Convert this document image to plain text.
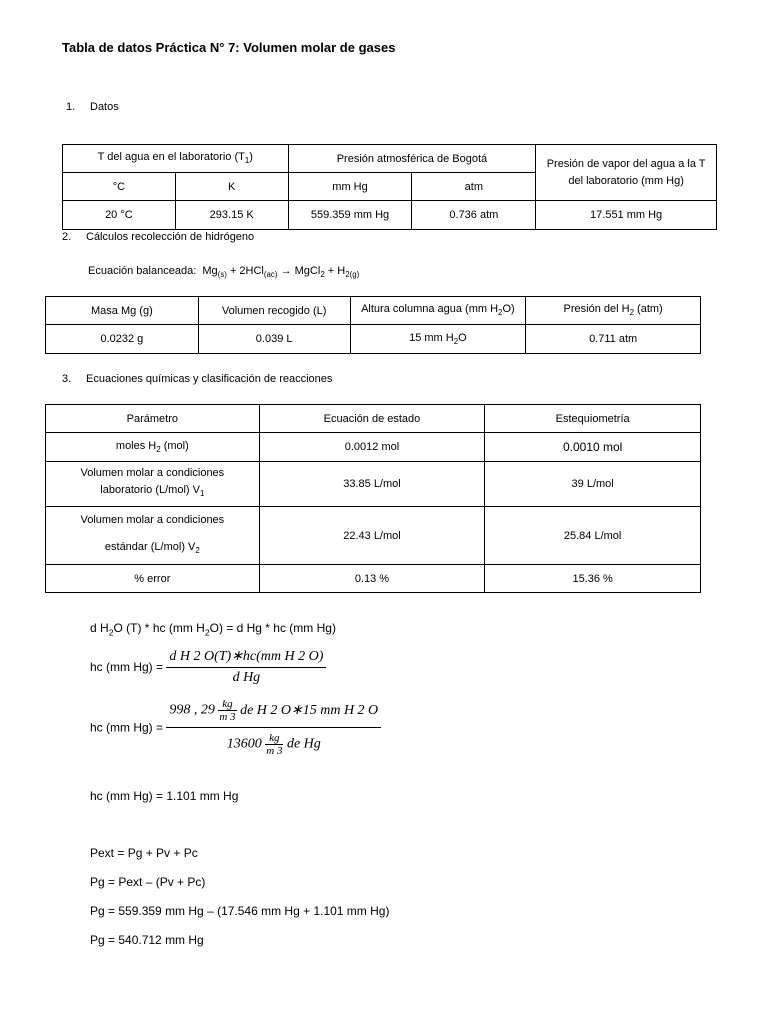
Tabla de datos Práctica N° 7: Volumen molar de gases
1. Datos
T del agua en el laboratorio $(T_1)$		Presión atmosférica de Bogotá		Presión de vapor del agua a la T del laboratorio (mm Hg)
°C	K	mm Hg	atm	
20 °C	293.15 K	559.359 mm Hg	0.736 atm	17.551 mm Hg
2. Cálculos recolección de hidrógeno
Ecuación balanceada: $Mg_{(s)} + 2HCl_{(ac)}$ → MgCl$_2$ + $H_{2(g)}$
Masa Mg (g)	Volumen recogido (L)	Altura columna agua (mm $H_2O$)	Presión del $H_2$ (atm)
0.0232 g	0.039 L	15 mm $H_2O$	0.711 atm
3. Ecuaciones químicas y clasificación de reacciones
Parámetro	Ecuación de estado	Estequiometría
moles $H_2$ (mol)	0.0012 mol	0.0010 mol
Volumen molar a condiciones
laboratorio (L/mol) $V_1$	33.85 L/mol	39 L/mol
Volumen molar a condiciones
estándar (L/mol) $V_2$	22.43 L/mol	25.84 L/mol
% error	0.13 %	15.36 %
d $H_2O$ (T) * hc (mm $H_2O) = d$ Hg * hc (mm Hg)
hc (mm $Hg) = \frac{\text{d H 2 O(T)∗hc(mm H 2 O)}}{\text{d Hg}}$
hc (mm $Hg) = \frac{998 , 29 \frac{kg}{m 3} de H 2 O∗15 mm H 2 O}{13600 \frac{kg}{m 3} de Hg}$
hc (mm Hg) = 1.101 mm Hg
Pext = Pg + Pv + Pc
Pg = Pext – (Pv + Pc)
Pg = 559.359 mm Hg – (17.546 mm Hg + 1.101 mm Hg)
Pg = 540.712 mm Hg
